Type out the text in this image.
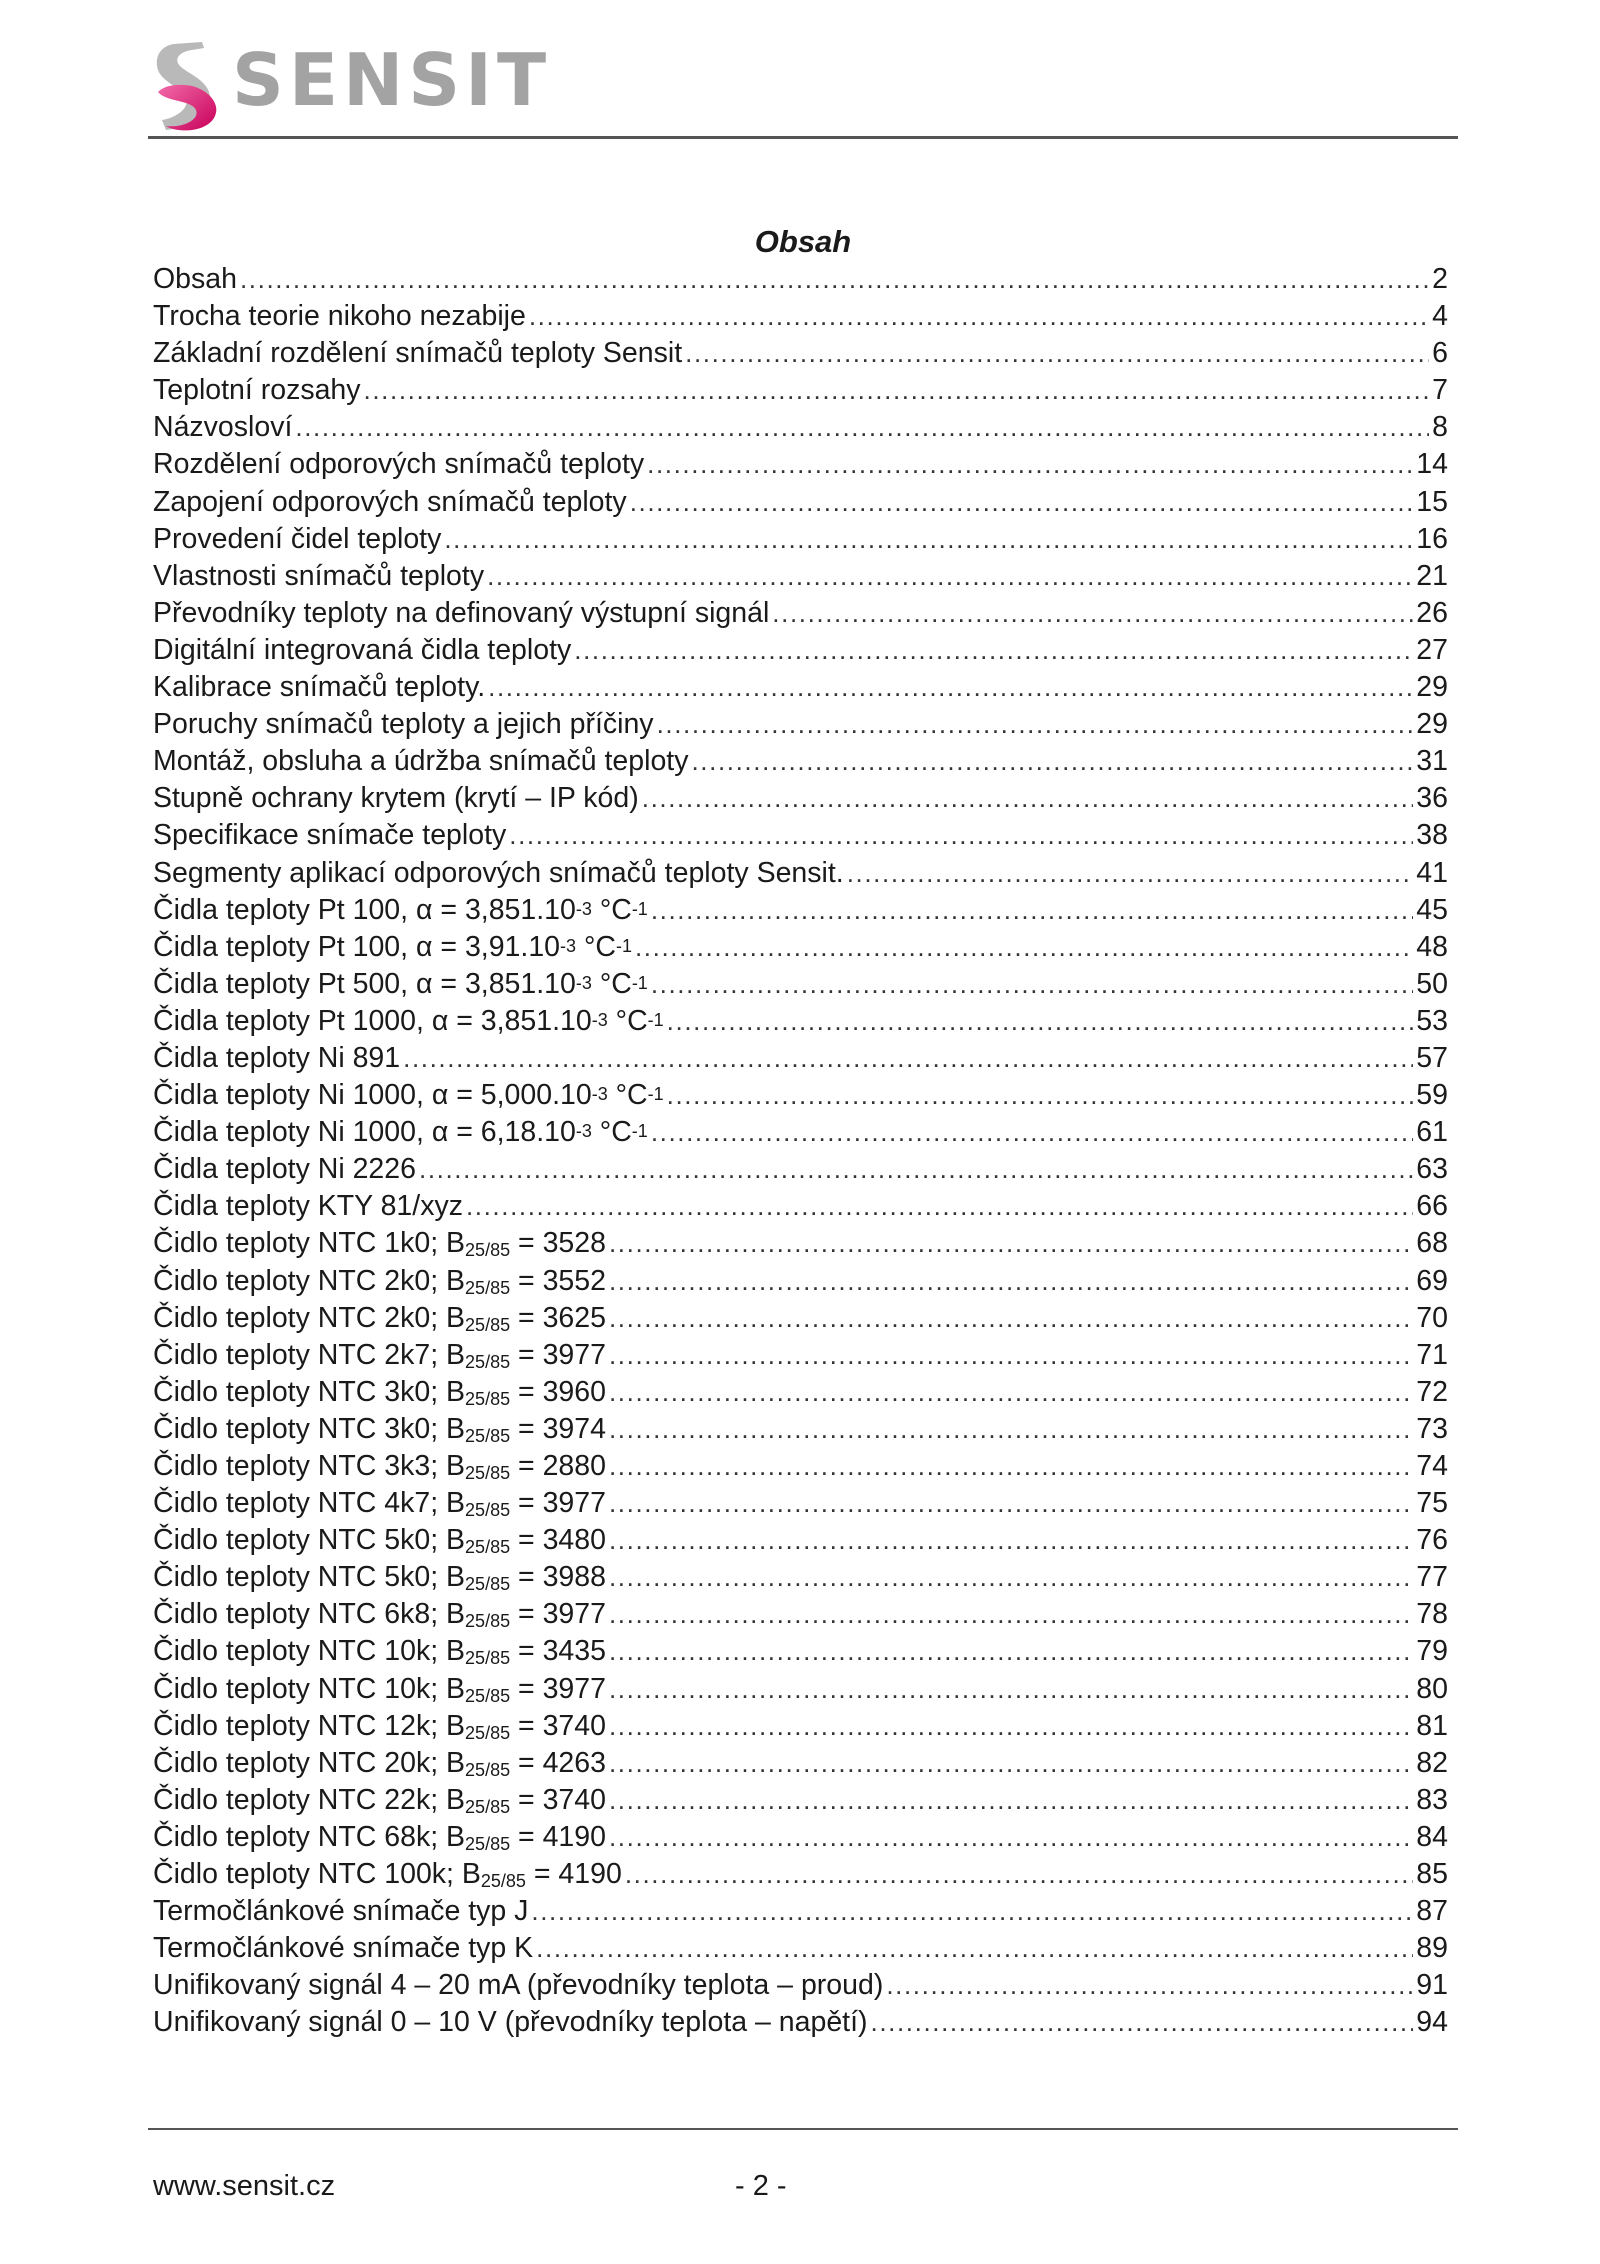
SENSIT
Obsah
Obsah .....	2
Trocha teorie nikoho nezabije .....	4
Základní rozdělení snímačů teploty Sensit .....	6
Teplotní rozsahy .....	7
Názvosloví .....	8
Rozdělení odporových snímačů teploty .....	14
Zapojení odporových snímačů teploty .....	15
Provedení čidel teploty .....	16
Vlastnosti snímačů teploty .....	21
Převodníky teploty na definovaný výstupní signál .....	26
Digitální integrovaná čidla teploty .....	27
Kalibrace snímačů teploty. .....	29
Poruchy snímačů teploty a jejich příčiny .....	29
Montáž, obsluha a údržba snímačů teploty .....	31
Stupně ochrany krytem (krytí – IP kód) .....	36
Specifikace snímače teploty .....	38
Segmenty aplikací odporových snímačů teploty Sensit. .....	41
Čidla teploty Pt 100, $\alpha = 3,851.10^{-3}$ $^\circ C^{-1}$ .....	45
Čidla teploty Pt 100, $\alpha = 3,91.10^{-3}$ $^\circ C^{-1}$ .....	48
Čidla teploty Pt 500, $\alpha = 3,851.10^{-3}$ $^\circ C^{-1}$ .....	50
Čidla teploty Pt 1000, $\alpha = 3,851.10^{-3}$ $^\circ C^{-1}$ .....	53
Čidla teploty Ni 891 .....	57
Čidla teploty Ni 1000, $\alpha = 5,000.10^{-3}$ $^\circ C^{-1}$ .....	59
Čidla teploty Ni 1000, $\alpha = 6,18.10^{-3}$ $^\circ C^{-1}$ .....	61
Čidla teploty Ni 2226 .....	63
Čidla teploty KTY 81/xyz .....	66
Čidlo teploty NTC 1k0; $B_{25/85} = 3528$ .....	68
Čidlo teploty NTC 2k0; $B_{25/85} = 3552$ .....	69
Čidlo teploty NTC 2k0; $B_{25/85} = 3625$ .....	70
Čidlo teploty NTC 2k7; $B_{25/85} = 3977$ .....	71
Čidlo teploty NTC 3k0; $B_{25/85} = 3960$ .....	72
Čidlo teploty NTC 3k0; $B_{25/85} = 3974$ .....	73
Čidlo teploty NTC 3k3; $B_{25/85} = 2880$ .....	74
Čidlo teploty NTC 4k7; $B_{25/85} = 3977$ .....	75
Čidlo teploty NTC 5k0; $B_{25/85} = 3480$ .....	76
Čidlo teploty NTC 5k0; $B_{25/85} = 3988$ .....	77
Čidlo teploty NTC 6k8; $B_{25/85} = 3977$ .....	78
Čidlo teploty NTC 10k; $B_{25/85} = 3435$ .....	79
Čidlo teploty NTC 10k; $B_{25/85} = 3977$ .....	80
Čidlo teploty NTC 12k; $B_{25/85} = 3740$ .....	81
Čidlo teploty NTC 20k; $B_{25/85} = 4263$ .....	82
Čidlo teploty NTC 22k; $B_{25/85} = 3740$ .....	83
Čidlo teploty NTC 68k; $B_{25/85} = 4190$ .....	84
Čidlo teploty NTC 100k; $B_{25/85} = 4190$ .....	85
Termočlánkové snímače typ J .....	87
Termočlánkové snímače typ K .....	89
Unifikovaný signál 4 – 20 mA (převodníky teplota – proud) .....	91
Unifikovaný signál 0 – 10 V (převodníky teplota – napětí) .....	94
www.sensit.cz	- 2 -
